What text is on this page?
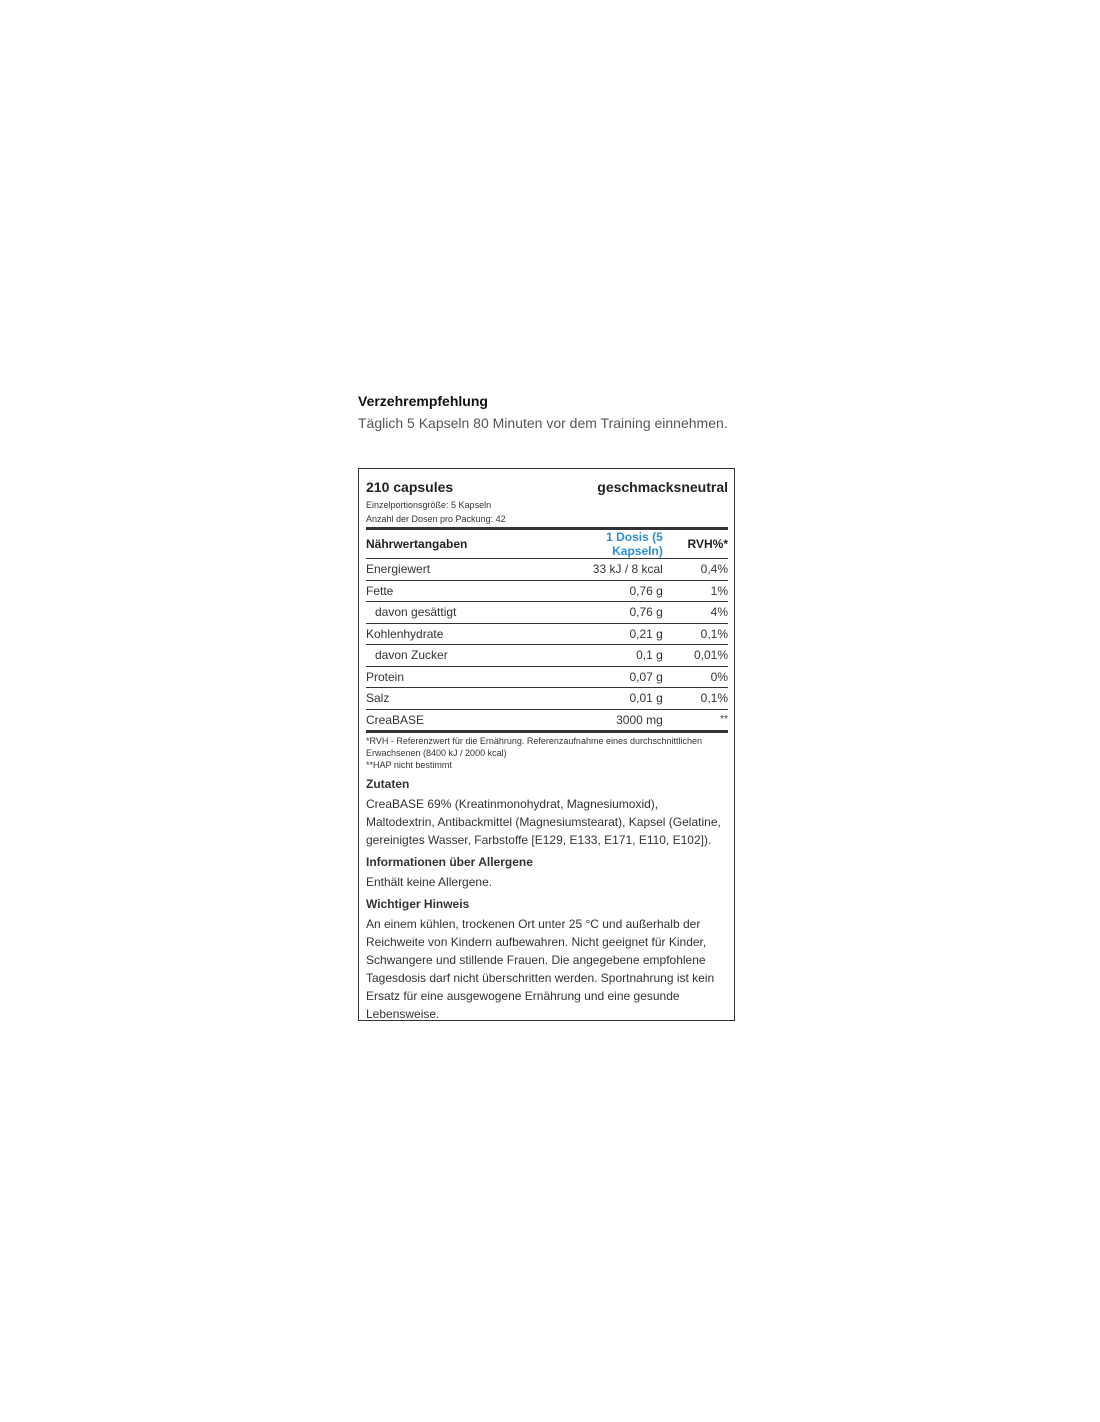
Verzehrempfehlung
Täglich 5 Kapseln 80 Minuten vor dem Training einnehmen.
210 capsules	geschmacksneutral
Einzelportionsgröße: 5 Kapseln
Anzahl der Dosen pro Packung: 42
Nährwertangaben	1 Dosis (5 Kapseln)	RVH%*
Energiewert	33 kJ / 8 kcal	0,4%
Fette	0,76 g	1%
davon gesättigt	0,76 g	4%
Kohlenhydrate	0,21 g	0,1%
davon Zucker	0,1 g	0,01%
Protein	0,07 g	0%
Salz	0,01 g	0,1%
CreaBASE	3000 mg	**
*RVH - Referenzwert für die Ernährung. Referenzaufnahme eines durchschnittlichen Erwachsenen (8400 kJ / 2000 kcal)
**HAP nicht bestimmt
Zutaten
CreaBASE 69% (Kreatinmonohydrat, Magnesiumoxid), Maltodextrin, Antibackmittel (Magnesiumstearat), Kapsel (Gelatine, gereinigtes Wasser, Farbstoffe [E129, E133, E171, E110, E102]).
Informationen über Allergene
Enthält keine Allergene.
Wichtiger Hinweis
An einem kühlen, trockenen Ort unter 25 °C und außerhalb der Reichweite von Kindern aufbewahren. Nicht geeignet für Kinder, Schwangere und stillende Frauen. Die angegebene empfohlene Tagesdosis darf nicht überschritten werden. Sportnahrung ist kein Ersatz für eine ausgewogene Ernährung und eine gesunde Lebensweise.
